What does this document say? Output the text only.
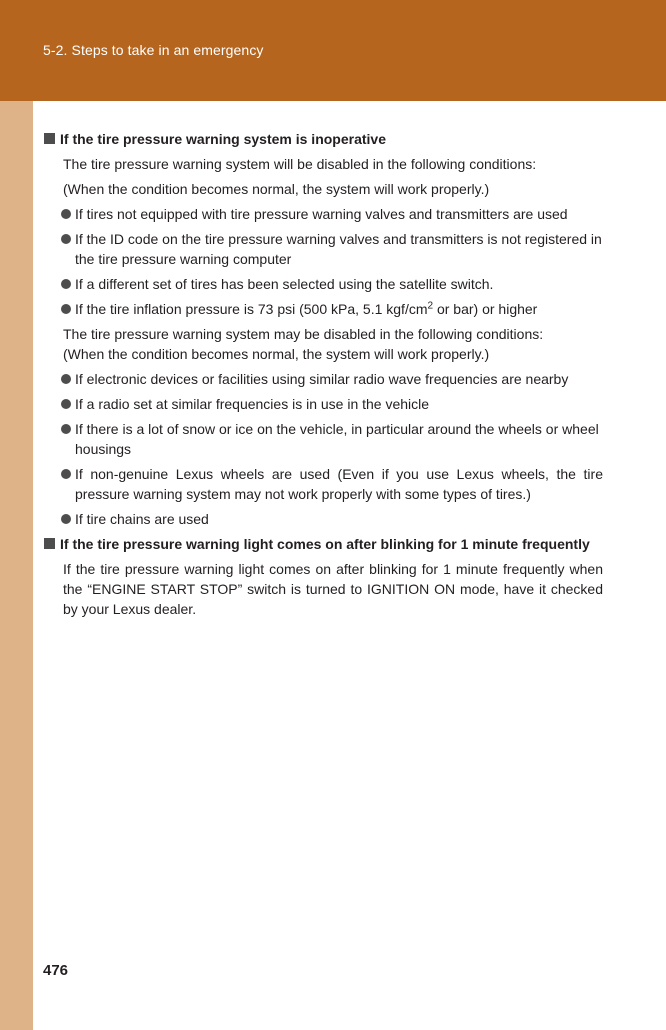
5-2. Steps to take in an emergency
If the tire pressure warning system is inoperative
The tire pressure warning system will be disabled in the following conditions:
(When the condition becomes normal, the system will work properly.)
If tires not equipped with tire pressure warning valves and transmitters are used
If the ID code on the tire pressure warning valves and transmitters is not registered in the tire pressure warning computer
If a different set of tires has been selected using the satellite switch.
If the tire inflation pressure is 73 psi (500 kPa, 5.1 kgf/$cm^2$ or bar) or higher
The tire pressure warning system may be disabled in the following conditions:
(When the condition becomes normal, the system will work properly.)
If electronic devices or facilities using similar radio wave frequencies are nearby
If a radio set at similar frequencies is in use in the vehicle
If there is a lot of snow or ice on the vehicle, in particular around the wheels or wheel housings
If non-genuine Lexus wheels are used (Even if you use Lexus wheels, the tire pressure warning system may not work properly with some types of tires.)
If tire chains are used
If the tire pressure warning light comes on after blinking for 1 minute frequently
If the tire pressure warning light comes on after blinking for 1 minute frequently when the “ENGINE START STOP” switch is turned to IGNITION ON mode, have it checked by your Lexus dealer.
476
